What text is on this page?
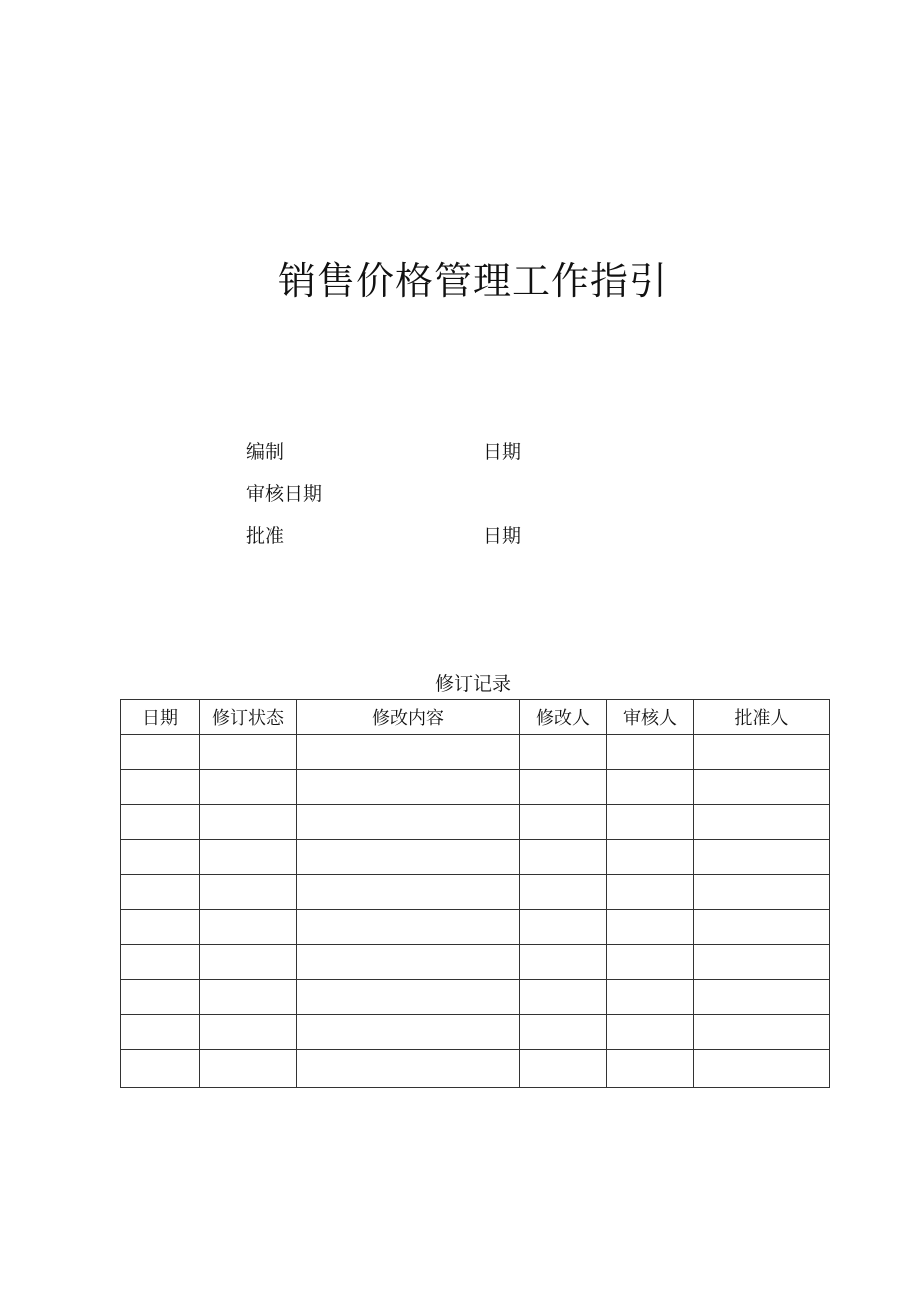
销售价格管理工作指引
编制	日期
审核日期
批准	日期
修订记录
日期	修订状态	修改内容	修改人	审核人	批准人
